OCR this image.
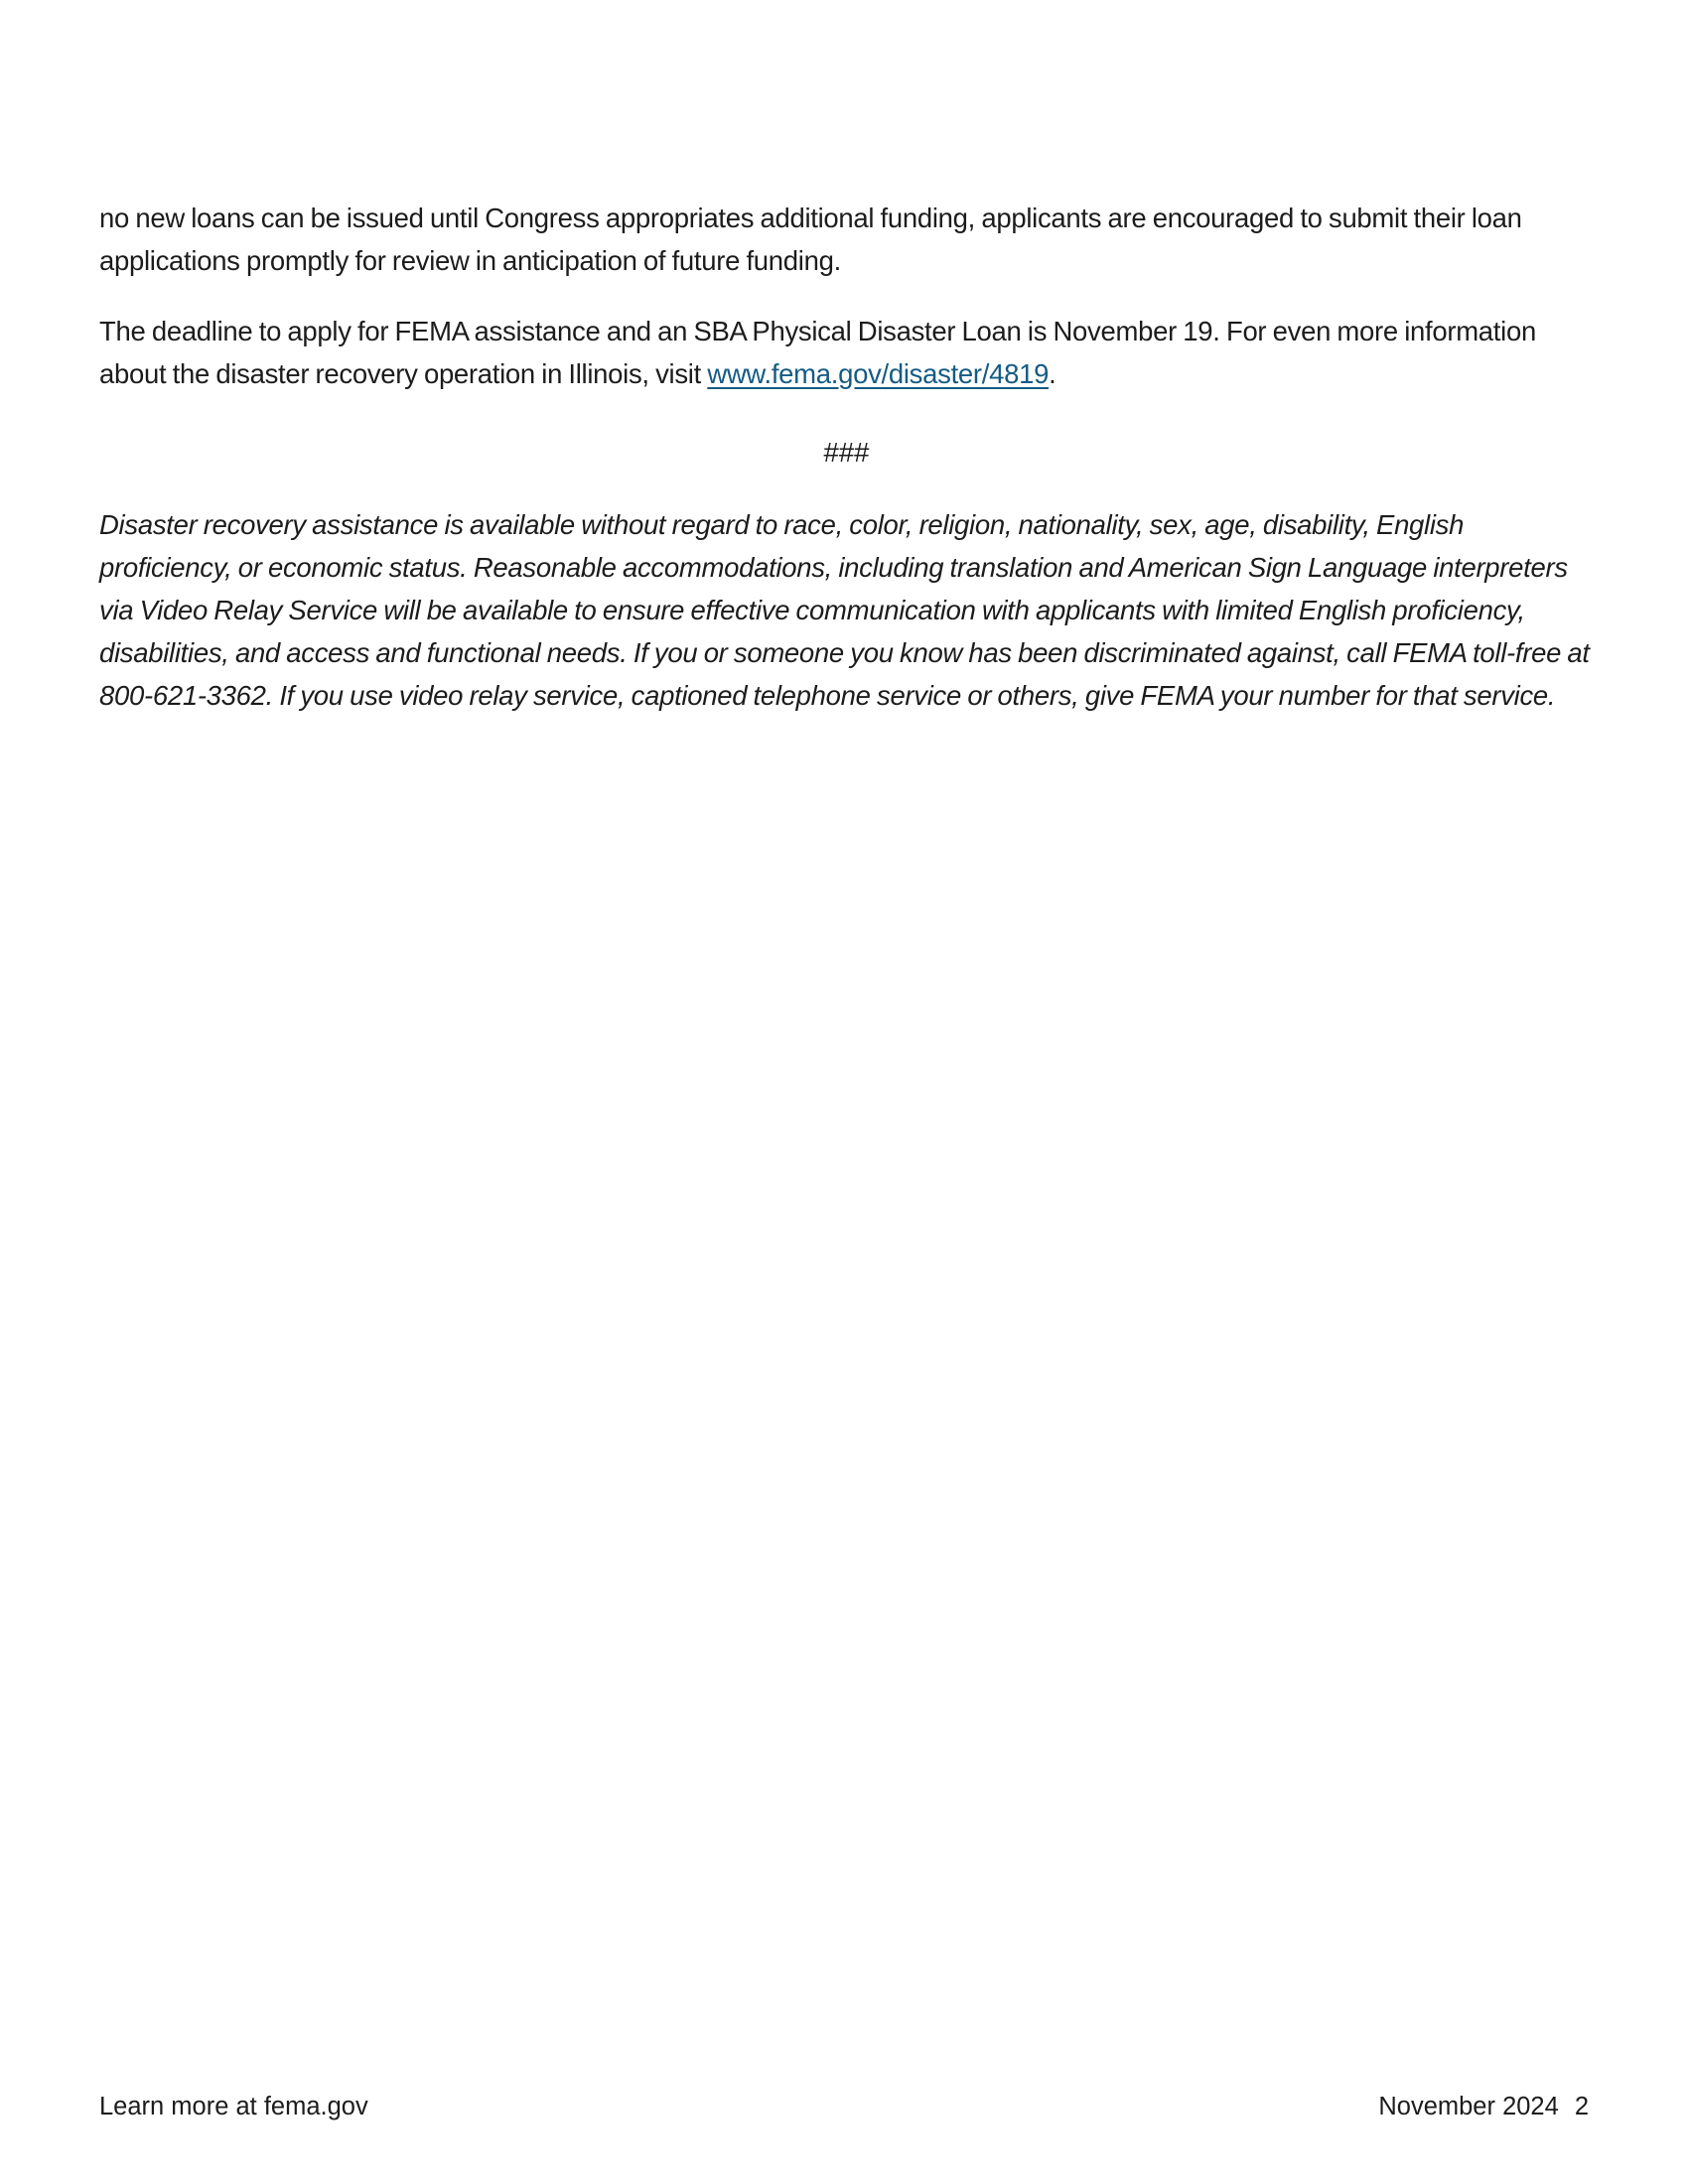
no new loans can be issued until Congress appropriates additional funding, applicants are encouraged to submit their loan applications promptly for review in anticipation of future funding.

The deadline to apply for FEMA assistance and an SBA Physical Disaster Loan is November 19. For even more information about the disaster recovery operation in Illinois, visit www.fema.gov/disaster/4819.

###

Disaster recovery assistance is available without regard to race, color, religion, nationality, sex, age, disability, English proficiency, or economic status. Reasonable accommodations, including translation and American Sign Language interpreters via Video Relay Service will be available to ensure effective communication with applicants with limited English proficiency, disabilities, and access and functional needs. If you or someone you know has been discriminated against, call FEMA toll-free at 800-621-3362. If you use video relay service, captioned telephone service or others, give FEMA your number for that service.

Learn more at fema.gov	November 2024 2
